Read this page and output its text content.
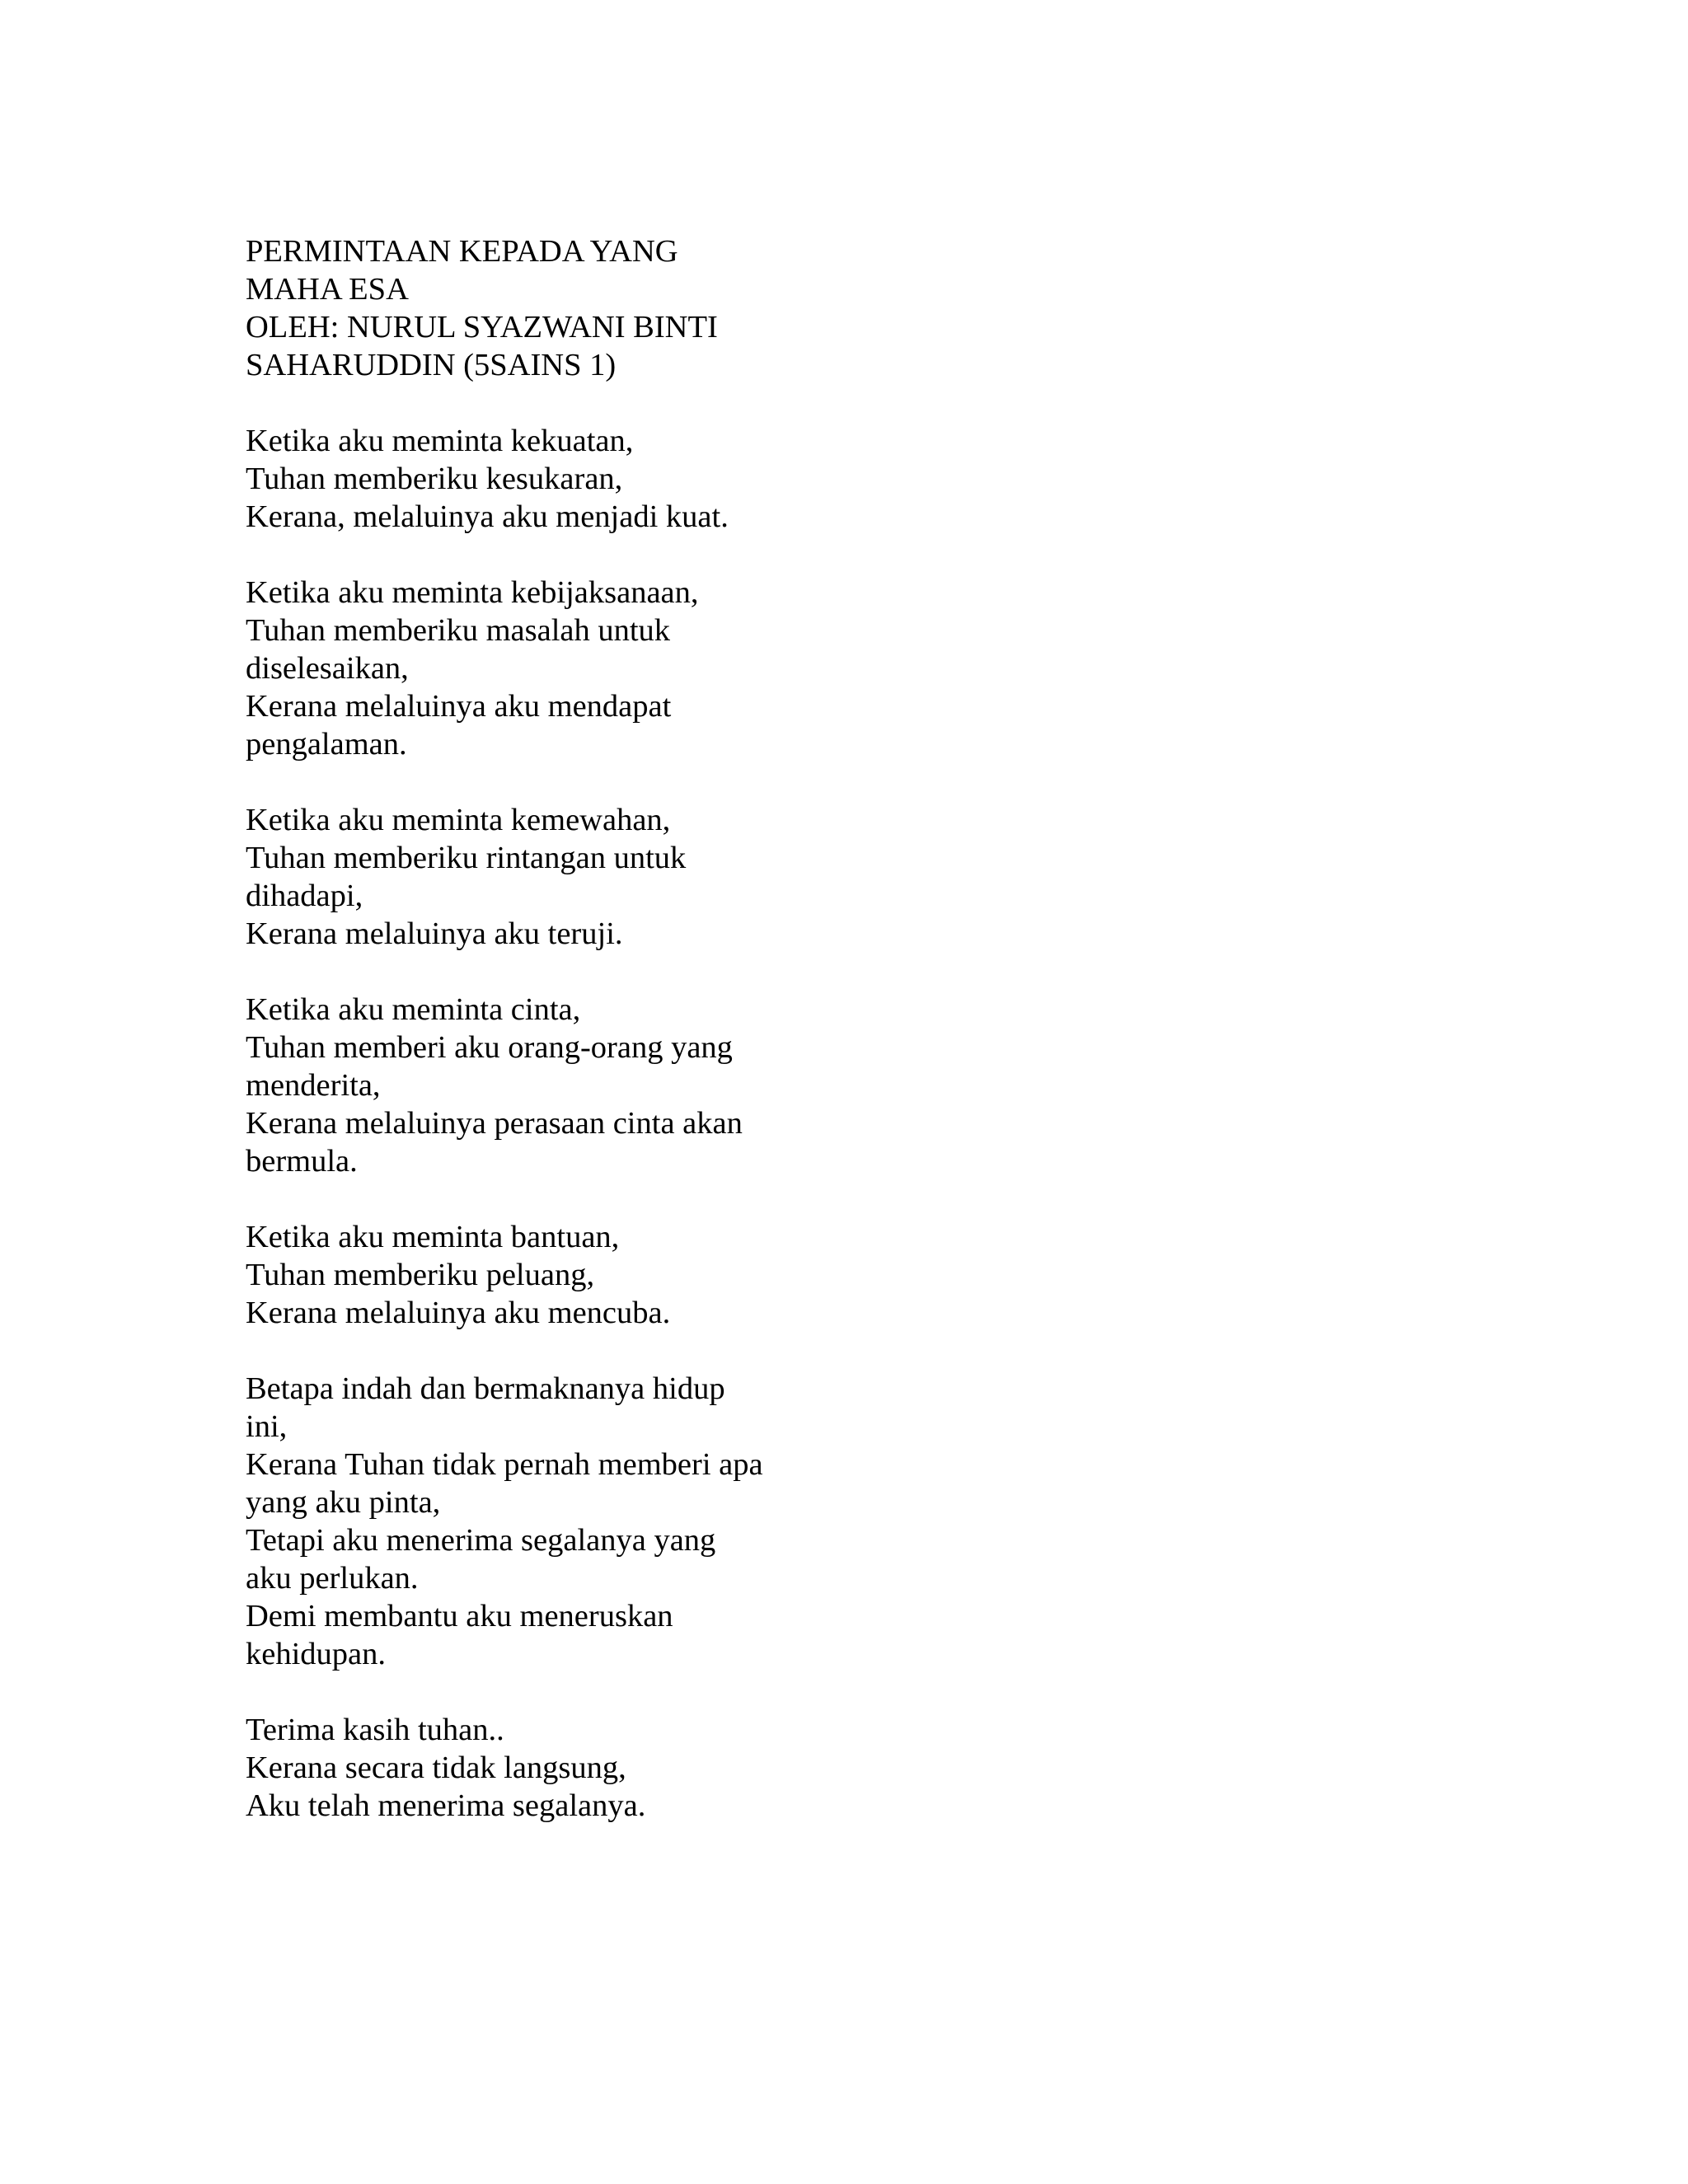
PERMINTAAN KEPADA YANG
MAHA ESA
OLEH: NURUL SYAZWANI BINTI
SAHARUDDIN (5SAINS 1)
Ketika aku meminta kekuatan,
Tuhan memberiku kesukaran,
Kerana, melaluinya aku menjadi kuat.
Ketika aku meminta kebijaksanaan,
Tuhan memberiku masalah untuk
diselesaikan,
Kerana melaluinya aku mendapat
pengalaman.
Ketika aku meminta kemewahan,
Tuhan memberiku rintangan untuk
dihadapi,
Kerana melaluinya aku teruji.
Ketika aku meminta cinta,
Tuhan memberi aku orang-orang yang
menderita,
Kerana melaluinya perasaan cinta akan
bermula.
Ketika aku meminta bantuan,
Tuhan memberiku peluang,
Kerana melaluinya aku mencuba.
Betapa indah dan bermaknanya hidup
ini,
Kerana Tuhan tidak pernah memberi apa
yang aku pinta,
Tetapi aku menerima segalanya yang
aku perlukan.
Demi membantu aku meneruskan
kehidupan.
Terima kasih tuhan..
Kerana secara tidak langsung,
Aku telah menerima segalanya.
